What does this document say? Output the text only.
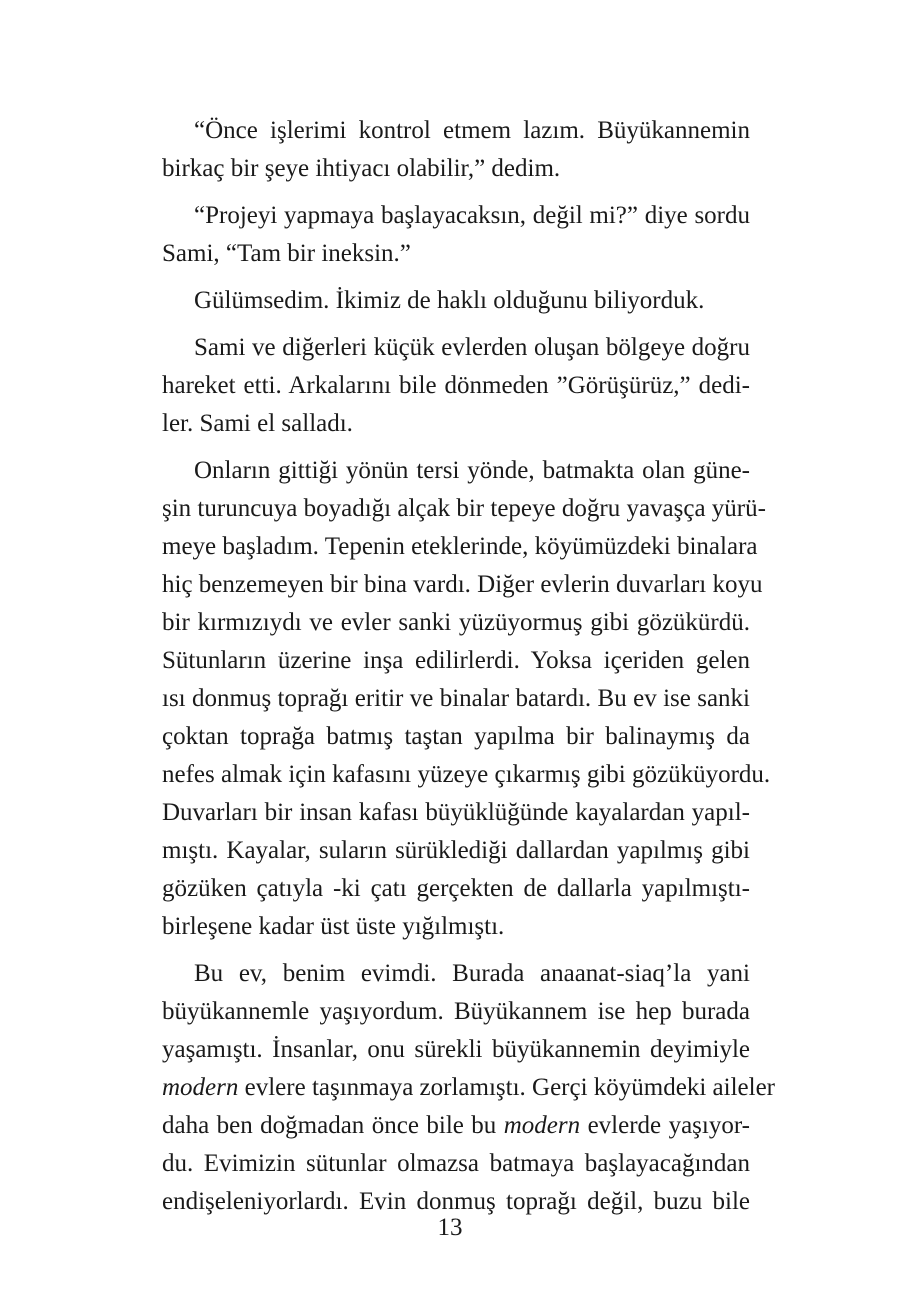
“Önce işlerimi kontrol etmem lazım. Büyükannemin
birkaç bir şeye ihtiyacı olabilir,” dedim.
“Projeyi yapmaya başlayacaksın, değil mi?” diye sordu
Sami, “Tam bir ineksin.”
Gülümsedim. İkimiz de haklı olduğunu biliyorduk.
Sami ve diğerleri küçük evlerden oluşan bölgeye doğru
hareket etti. Arkalarını bile dönmeden ”Görüşürüz,” dedi-
ler. Sami el salladı.
Onların gittiği yönün tersi yönde, batmakta olan güne-
şin turuncuya boyadığı alçak bir tepeye doğru yavaşça yürü-
meye başladım. Tepenin eteklerinde, köyümüzdeki binalara
hiç benzemeyen bir bina vardı. Diğer evlerin duvarları koyu
bir kırmızıydı ve evler sanki yüzüyormuş gibi gözükürdü.
Sütunların üzerine inşa edilirlerdi. Yoksa içeriden gelen
ısı donmuş toprağı eritir ve binalar batardı. Bu ev ise sanki
çoktan toprağa batmış taştan yapılma bir balinaymış da
nefes almak için kafasını yüzeye çıkarmış gibi gözüküyordu.
Duvarları bir insan kafası büyüklüğünde kayalardan yapıl-
mıştı. Kayalar, suların sürüklediği dallardan yapılmış gibi
gözüken çatıyla -ki çatı gerçekten de dallarla yapılmıştı-
birleşene kadar üst üste yığılmıştı.
Bu ev, benim evimdi. Burada anaanat-siaq’la yani
büyükannemle yaşıyordum. Büyükannem ise hep burada
yaşamıştı. İnsanlar, onu sürekli büyükannemin deyimiyle
modern evlere taşınmaya zorlamıştı. Gerçi köyümdeki aileler
daha ben doğmadan önce bile bu modern evlerde yaşıyor-
du. Evimizin sütunlar olmazsa batmaya başlayacağından
endişeleniyorlardı. Evin donmuş toprağı değil, buzu bile
13
